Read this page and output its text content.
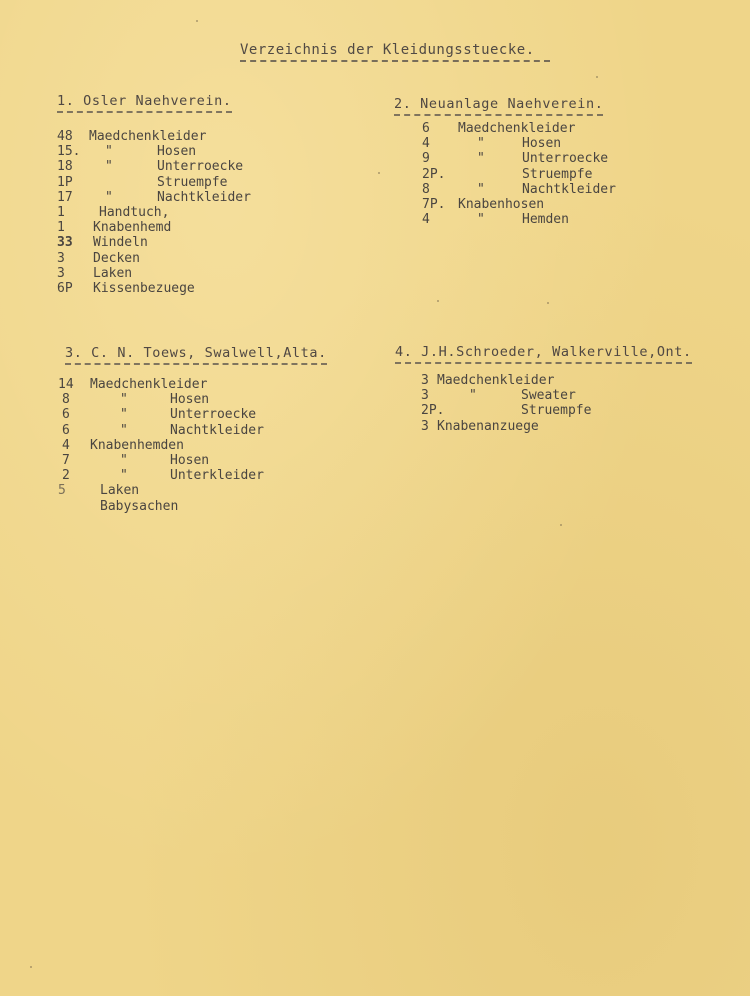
Verzeichnis der Kleidungsstuecke.
1. Osler Naehverein.
48 Maedchenkleider
15. "	Hosen
18 "	Unterroecke
1P	Struempfe
17 "	Nachtkleider
1	Handtuch,
1 Knabenhemd
33 Windeln
3 Decken
3 Laken
6P Kissenbezuege
2. Neuanlage Naehverein.
6 Maedchenkleider
4	"	Hosen
9	"	Unterroecke
2P.	Struempfe
8	"	Nachtkleider
7P. Knabenhosen
4	"	Hemden
3. C. N. Toews, Swalwell,Alta.
14 Maedchenkleider
8	"	Hosen
6	"	Unterroecke
6	"	Nachtkleider
4 Knabenhemden
7	"	Hosen
2	"	Unterkleider
5	Laken
Babysachen
4. J.H.Schroeder, Walkerville,Ont.
3 Maedchenkleider
3	"	Sweater
2P.	Struempfe
3 Knabenanzuege
